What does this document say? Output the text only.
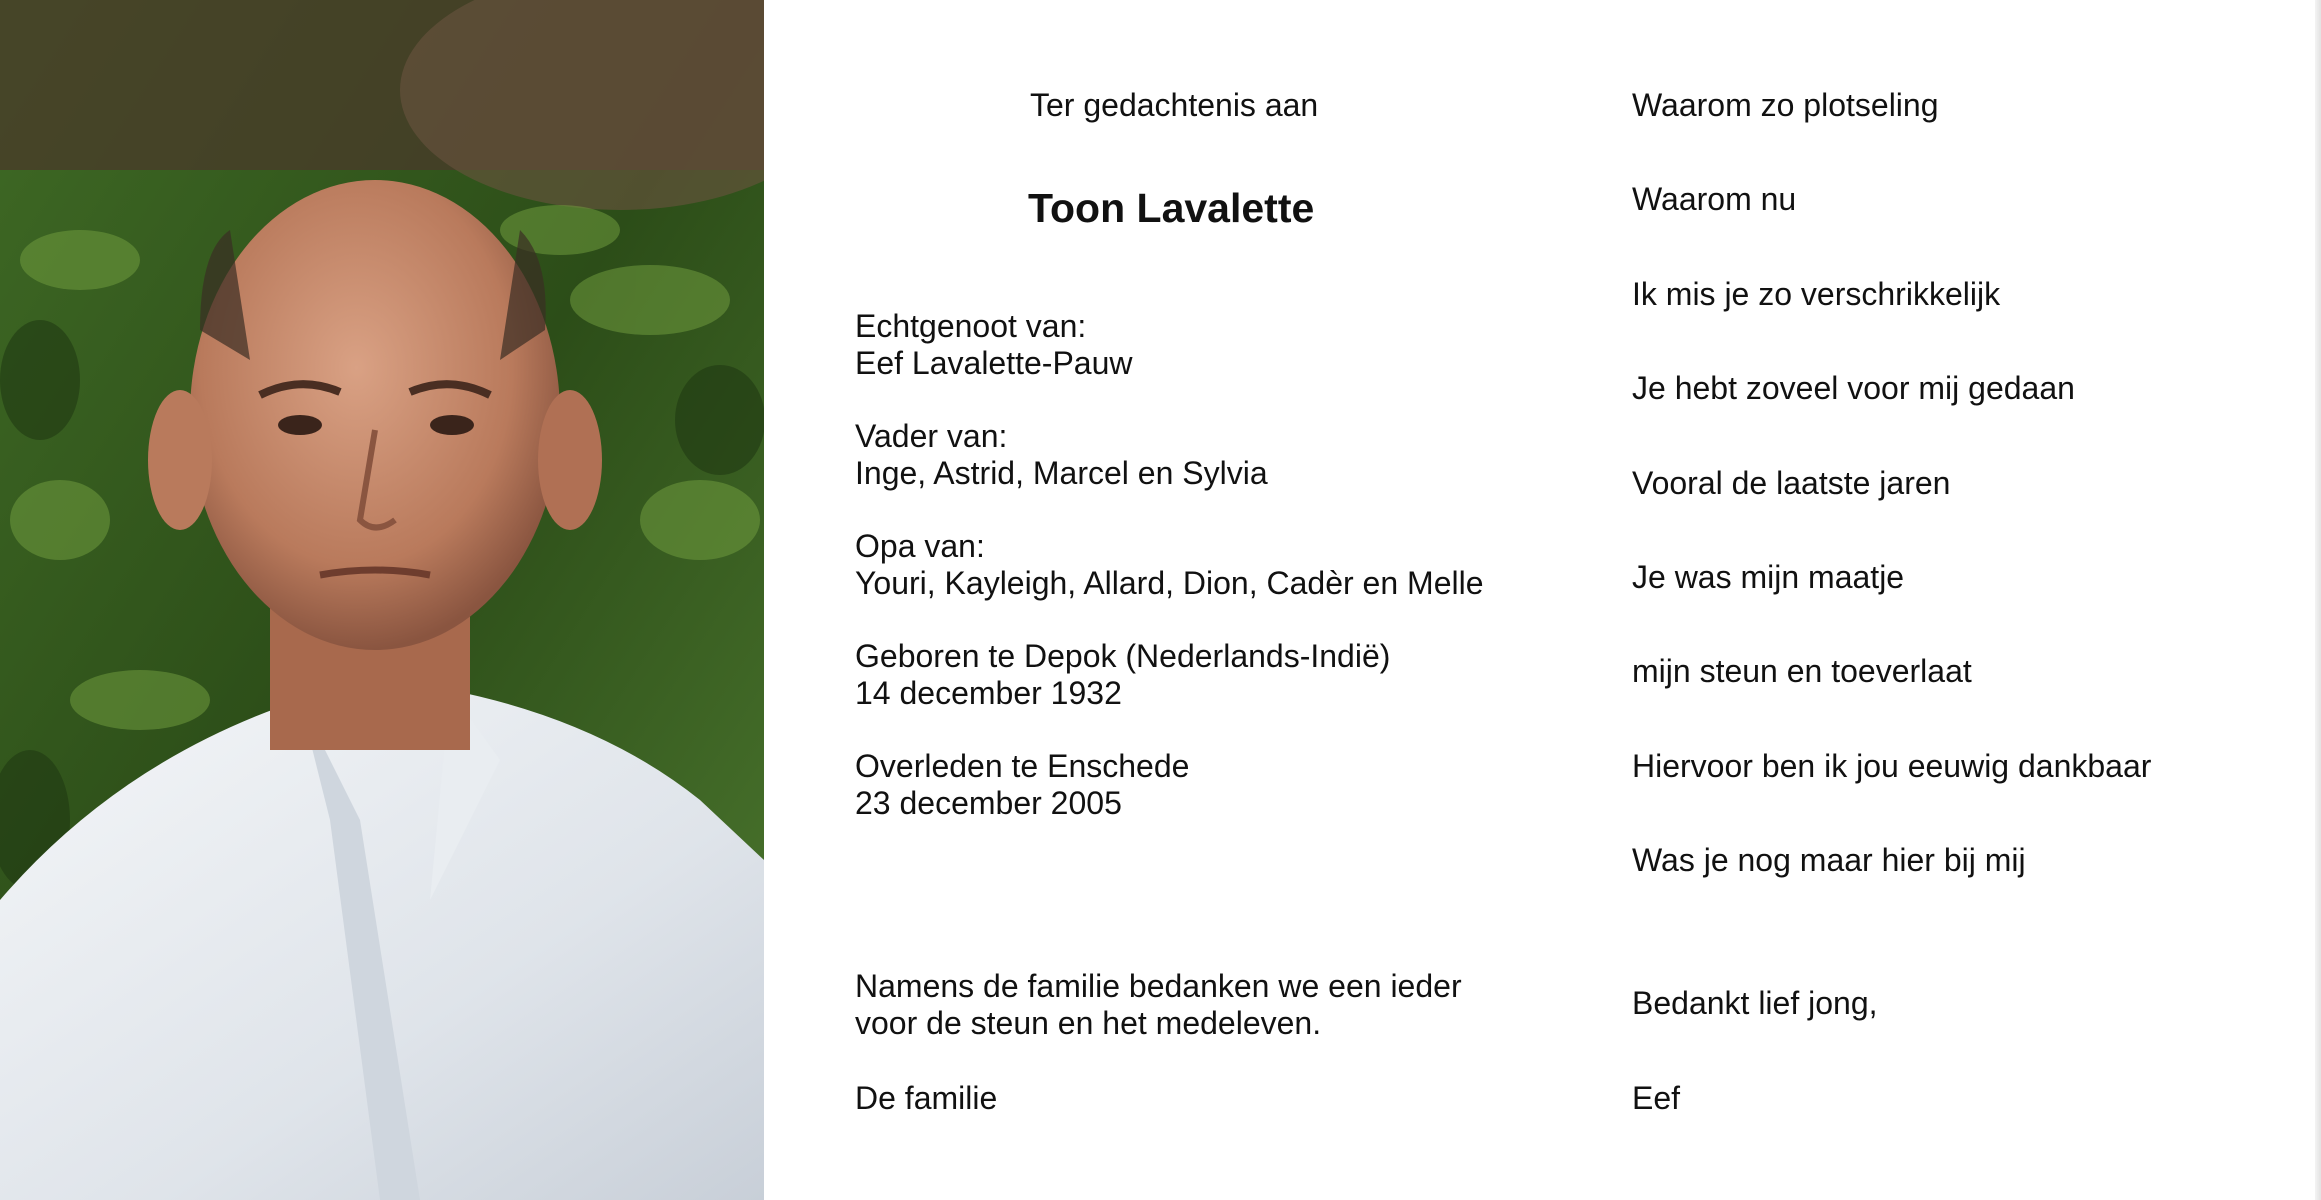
Ter gedachtenis aan
Toon Lavalette
Echtgenoot van:
Eef Lavalette-Pauw
Vader van:
Inge, Astrid, Marcel en Sylvia
Opa van:
Youri, Kayleigh, Allard, Dion, Cadèr en Melle
Geboren te Depok (Nederlands-Indië)
14 december 1932
Overleden te Enschede
23 december 2005
Namens de familie bedanken we een ieder
voor de steun en het medeleven.
De familie
Waarom zo plotseling
Waarom nu
Ik mis je zo verschrikkelijk
Je hebt zoveel voor mij gedaan
Vooral de laatste jaren
Je was mijn maatje
mijn steun en toeverlaat
Hiervoor ben ik jou eeuwig dankbaar
Was je nog maar hier bij mij
Bedankt lief jong,
Eef
